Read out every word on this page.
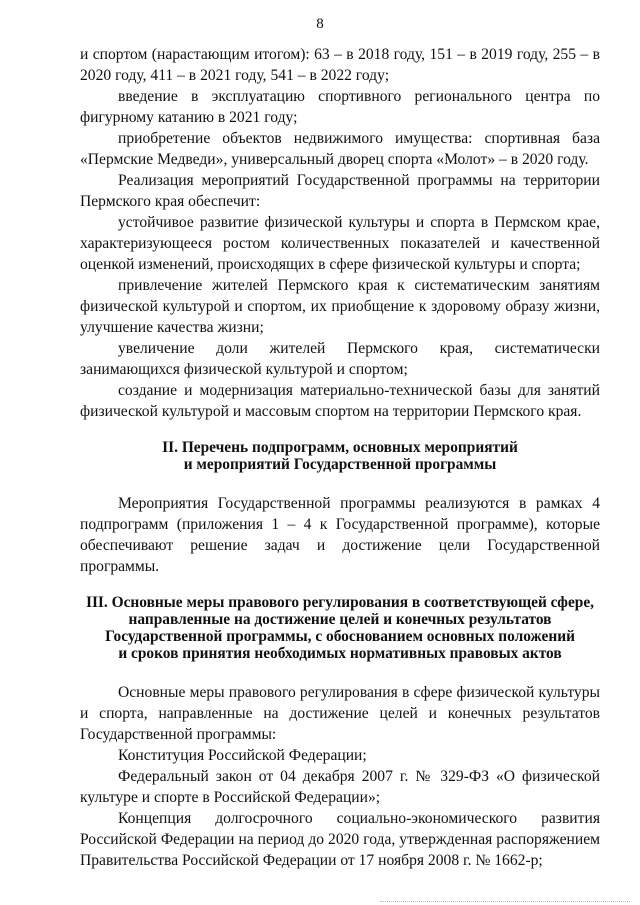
8

и спортом (нарастающим итогом): 63 – в 2018 году, 151 – в 2019 году, 255 – в 2020 году, 411 – в 2021 году, 541 – в 2022 году;

введение в эксплуатацию спортивного регионального центра по фигурному катанию в 2021 году;

приобретение объектов недвижимого имущества: спортивная база «Пермские Медведи», универсальный дворец спорта «Молот» – в 2020 году.

Реализация мероприятий Государственной программы на территории Пермского края обеспечит:

устойчивое развитие физической культуры и спорта в Пермском крае, характеризующееся ростом количественных показателей и качественной оценкой изменений, происходящих в сфере физической культуры и спорта;

привлечение жителей Пермского края к систематическим занятиям физической культурой и спортом, их приобщение к здоровому образу жизни, улучшение качества жизни;

увеличение доли жителей Пермского края, систематически занимающихся физической культурой и спортом;

создание и модернизация материально-технической базы для занятий физической культурой и массовым спортом на территории Пермского края.

II. Перечень подпрограмм, основных мероприятий

и мероприятий Государственной программы

Мероприятия Государственной программы реализуются в рамках 4 подпрограмм (приложения 1 – 4 к Государственной программе), которые обеспечивают решение задач и достижение цели Государственной программы.

III. Основные меры правового регулирования в соответствующей сфере,

направленные на достижение целей и конечных результатов

Государственной программы, с обоснованием основных положений

и сроков принятия необходимых нормативных правовых актов

Основные меры правового регулирования в сфере физической культуры и спорта, направленные на достижение целей и конечных результатов Государственной программы:

Конституция Российской Федерации;

Федеральный закон от 04 декабря 2007 г. № 329-ФЗ «О физической культуре и спорте в Российской Федерации»;

Концепция долгосрочного социально-экономического развития Российской Федерации на период до 2020 года, утвержденная распоряжением Правительства Российской Федерации от 17 ноября 2008 г. № 1662-р;
